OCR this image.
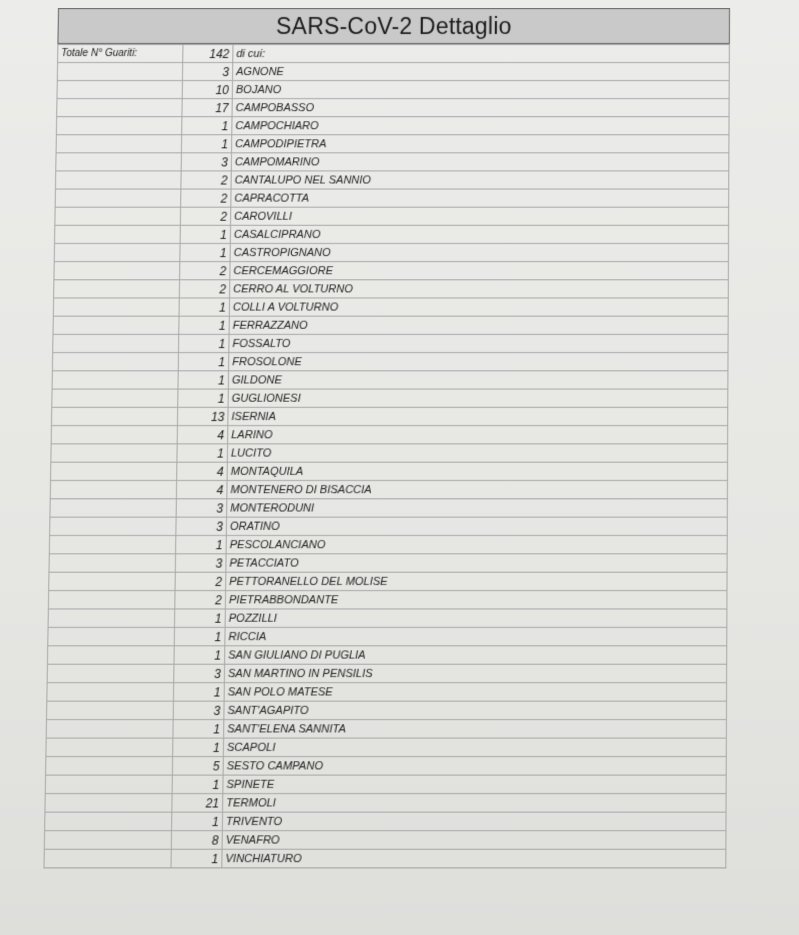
SARS-CoV-2 Dettaglio
Totale N° Guariti:	142	di cui:
	3	AGNONE
	10	BOJANO
	17	CAMPOBASSO
	1	CAMPOCHIARO
	1	CAMPODIPIETRA
	3	CAMPOMARINO
	2	CANTALUPO NEL SANNIO
	2	CAPRACOTTA
	2	CAROVILLI
	1	CASALCIPRANO
	1	CASTROPIGNANO
	2	CERCEMAGGIORE
	2	CERRO AL VOLTURNO
	1	COLLI A VOLTURNO
	1	FERRAZZANO
	1	FOSSALTO
	1	FROSOLONE
	1	GILDONE
	1	GUGLIONESI
	13	ISERNIA
	4	LARINO
	1	LUCITO
	4	MONTAQUILA
	4	MONTENERO DI BISACCIA
	3	MONTERODUNI
	3	ORATINO
	1	PESCOLANCIANO
	3	PETACCIATO
	2	PETTORANELLO DEL MOLISE
	2	PIETRABBONDANTE
	1	POZZILLI
	1	RICCIA
	1	SAN GIULIANO DI PUGLIA
	3	SAN MARTINO IN PENSILIS
	1	SAN POLO MATESE
	3	SANT'AGAPITO
	1	SANT'ELENA SANNITA
	1	SCAPOLI
	5	SESTO CAMPANO
	1	SPINETE
	21	TERMOLI
	1	TRIVENTO
	8	VENAFRO
	1	VINCHIATURO
